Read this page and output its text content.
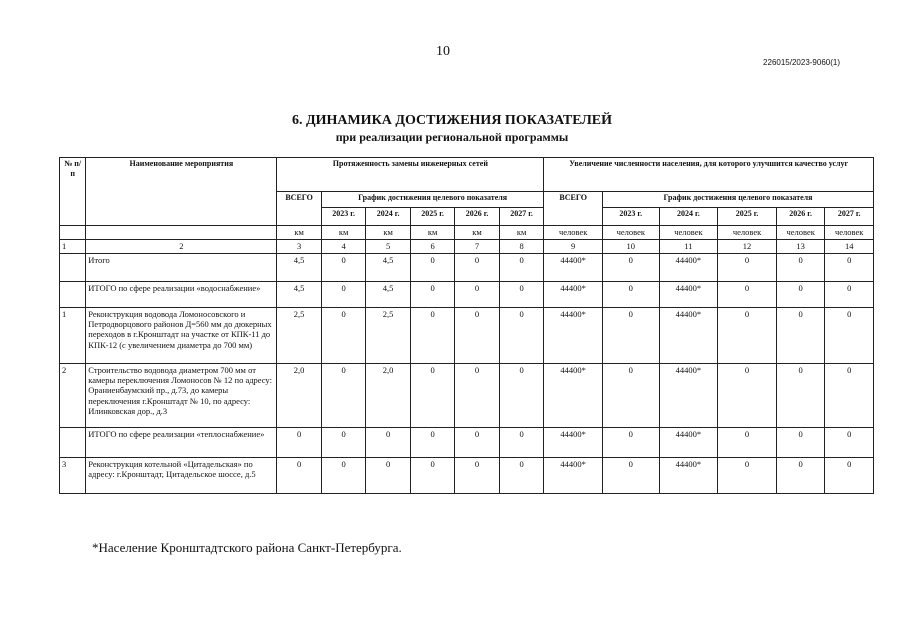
10
226015/2023-9060(1)
6. ДИНАМИКА ДОСТИЖЕНИЯ ПОКАЗАТЕЛЕЙ
при реализации региональной программы
№ п/п	Наименование мероприятия	Протяженность замены инженерных сетей						Увеличение численности населения, для которого улучшится качество услуг					
		ВСЕГО	График достижения целевого показателя					ВСЕГО	График достижения целевого показателя				
			2023 г.	2024 г.	2025 г.	2026 г.	2027 г.		2023 г.	2024 г.	2025 г.	2026 г.	2027 г.
		км	км	км	км	км	км	человек	человек	человек	человек	человек	человек
1	2	3	4	5	6	7	8	9	10	11	12	13	14
	Итого	4,5	0	4,5	0	0	0	44400*	0	44400*	0	0	0
	ИТОГО по сфере реализации «водоснабжение»	4,5	0	4,5	0	0	0	44400*	0	44400*	0	0	0
1	Реконструкция водовода Ломоносовского и Петродворцового районов Д=560 мм до дюкерных переходов в г.Кронштадт на участке от КПК-11 до КПК-12 (с увеличением диаметра до 700 мм)	2,5	0	2,5	0	0	0	44400*	0	44400*	0	0	0
2	Строительство водовода диаметром 700 мм от камеры переключения Ломоносов № 12 по адресу: Ораниенбаумский пр., д.73, до камеры переключения г.Кронштадт № 10, по адресу: Илинковская дор., д.3	2,0	0	2,0	0	0	0	44400*	0	44400*	0	0	0
	ИТОГО по сфере реализации «теплоснабжение»	0	0	0	0	0	0	44400*	0	44400*	0	0	0
3	Реконструкция котельной «Цитадельская» по адресу: г.Кронштадт, Цитадельское шоссе, д.5	0	0	0	0	0	0	44400*	0	44400*	0	0	0
*Население Кронштадтского района Санкт-Петербурга.
